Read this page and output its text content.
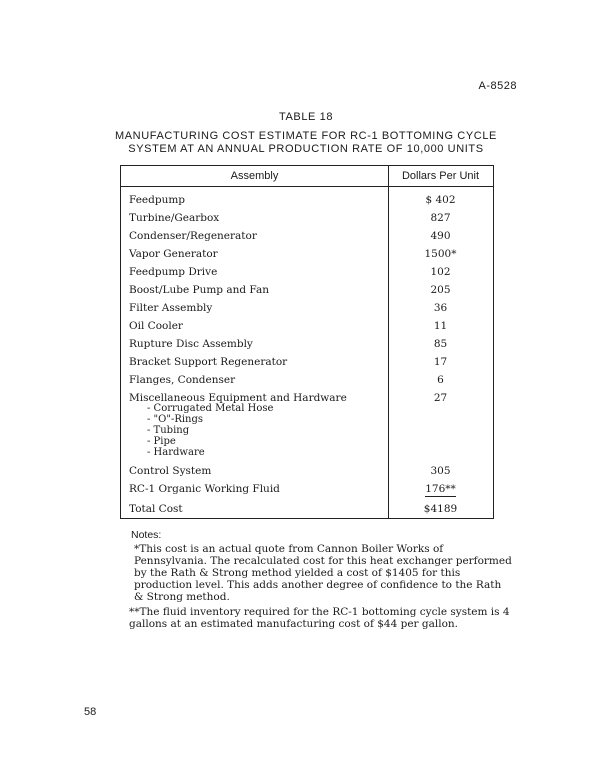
A-8528
TABLE 18
MANUFACTURING COST ESTIMATE FOR RC-1 BOTTOMING CYCLE
SYSTEM AT AN ANNUAL PRODUCTION RATE OF 10,000 UNITS
Assembly	Dollars Per Unit
Feedpump	$ 402
Turbine/Gearbox	827
Condenser/Regenerator	490
Vapor Generator	1500*
Feedpump Drive	102
Boost/Lube Pump and Fan	205
Filter Assembly	36
Oil Cooler	11
Rupture Disc Assembly	85
Bracket Support Regenerator	17
Flanges, Condenser	6
Miscellaneous Equipment and Hardware	27
- Corrugated Metal Hose
- "O"-Rings
- Tubing
- Pipe
- Hardware
Control System	305
RC-1 Organic Working Fluid	176**
Total Cost	$4189
Notes:

*This cost is an actual quote from Cannon Boiler Works of Pennsylvania. The recalculated cost for this heat exchanger performed by the Rath & Strong method yielded a cost of $1405 for this production level. This adds another degree of confidence to the Rath & Strong method.

**The fluid inventory required for the RC-1 bottoming cycle system is 4 gallons at an estimated manufacturing cost of $44 per gallon.

58
